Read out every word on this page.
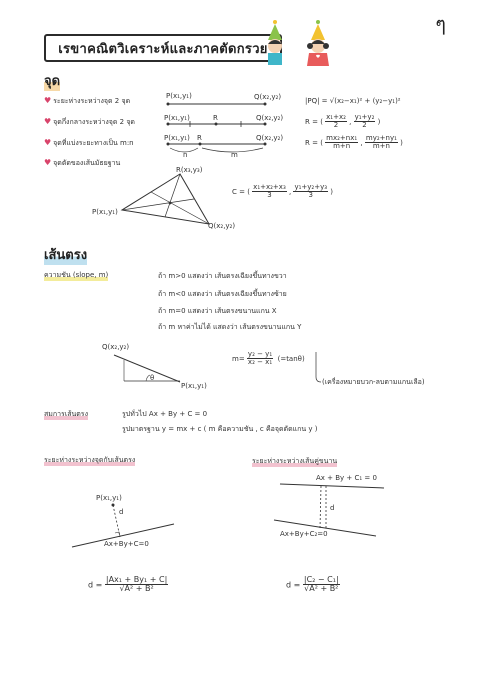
ๆ
เรขาคณิตวิเคราะห์และภาคตัดกรวย
จุด
♥ ระยะห่างระหว่างจุด 2 จุด
♥ จุดกึ่งกลางระหว่างจุด 2 จุด
♥ จุดที่แบ่งระยะทางเป็น m:n
♥ จุดตัดของเส้นมัธยฐาน
P(x₁,y₁)	Q(x₂,y₂)	|PQ| = √(x₂−x₁)² + (y₂−y₁)²
P(x₁,y₁)	R	Q(x₂,y₂)	R = ( $\frac{\text{x₁+x₂}}{2}$ , $\frac{\text{y₁+y₂}}{2}$ )
P(x₁,y₁) R	Q(x₂,y₂)
n	m
R = ( $\frac{\text{mx₂+nx₁}}{m+n}$ , $\frac{\text{my₂+ny₁}}{m+n}$ )
R(x₃,y₃)
P(x₁,y₁)
Q(x₂,y₂)
C = ( $\frac{\text{x₁+x₂+x₃}}{3}$ , $\frac{\text{y₁+y₂+y₃}}{3}$ )
เส้นตรง
ความชัน (slope, m)	ถ้า m>0 แสดงว่า เส้นตรงเฉียงขึ้นทางขวา
ถ้า m<0 แสดงว่า เส้นตรงเฉียงขึ้นทางซ้าย
ถ้า m=0 แสดงว่า เส้นตรงขนานแกน X
ถ้า m หาค่าไม่ได้ แสดงว่า เส้นตรงขนานแกน Y
Q(x₂,y₂)
P(x₁,y₁)
θ
$m= \frac{\text{y₂ − y₁}}{\text{x₂ − x₁}} (=\tan\theta)$
(เครื่องหมายบวก-ลบตามแกนเลือ)
สมการเส้นตรง	รูปทั่วไป Ax + By + C = 0
รูปมาตรฐาน y = mx + c ( m คือความชัน , c คือจุดตัดแกน y )
ระยะห่างระหว่างจุดกับเส้นตรง
P(x₁,y₁)
d
Ax+By+C=0
$d = \frac{\text{|Ax₁ + By₁ + C|}}{\text{√A² + B²}}$
ระยะห่างระหว่างเส้นคู่ขนาน
Ax + By + C₁ = 0
d
Ax+By+C₂=0
$d = \frac{\text{|C₂ − C₁|}}{\text{√A² + B²}}$
